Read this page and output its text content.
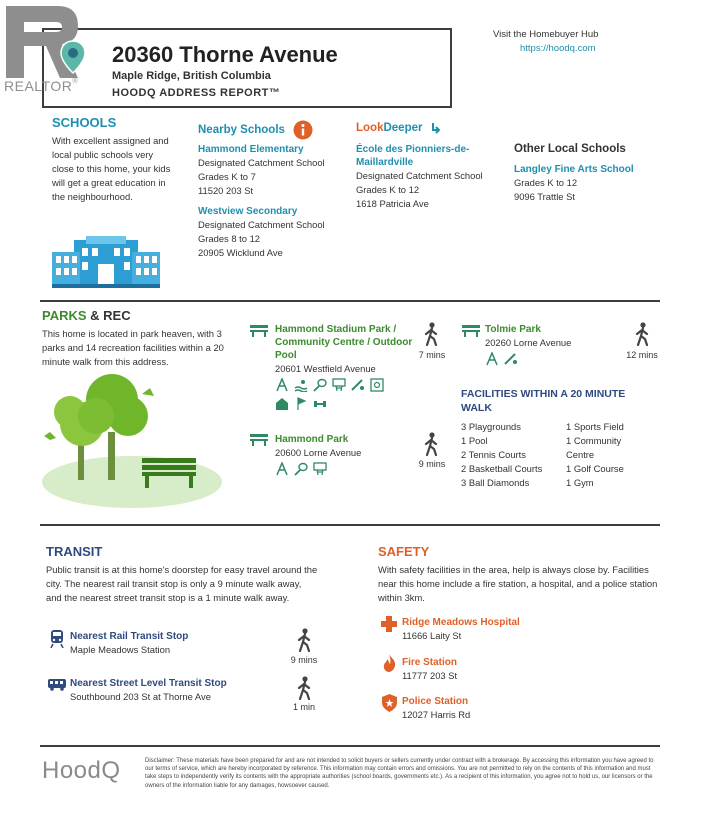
20360 Thorne Avenue
Maple Ridge, British Columbia
HOODQ ADDRESS REPORT™
REALTOR®
Visit the Homebuyer Hub
https://hoodq.com
SCHOOLS
With excellent assigned and local public schools very close to this home, your kids will get a great education in the neighbourhood.
Nearby Schools	LookDeeper
Other Local Schools
Hammond Elementary
Designated Catchment School
Grades K to 7
11520 203 St
Westview Secondary
Designated Catchment School
Grades 8 to 12
20905 Wicklund Ave
École des Pionniers-de-Maillardville
Designated Catchment School
Grades K to 12
1618 Patricia Ave
Langley Fine Arts School
Grades K to 12
9096 Trattle St
PARKS & REC
This home is located in park heaven, with 3 parks and 14 recreation facilities within a 20 minute walk from this address.
Hammond Stadium Park / Community Centre / Outdoor Pool
20601 Westfield Avenue
7 mins
Hammond Park
20600 Lorne Avenue
9 mins
Tolmie Park
20260 Lorne Avenue
12 mins
FACILITIES WITHIN A 20 MINUTE WALK
3 Playgrounds
1 Pool
2 Tennis Courts
2 Basketball Courts
3 Ball Diamonds
1 Sports Field
1 Community Centre
1 Golf Course
1 Gym
TRANSIT
Public transit is at this home's doorstep for easy travel around the city. The nearest rail transit stop is only a 9 minute walk away, and the nearest street transit stop is a 1 minute walk away.
Nearest Rail Transit Stop
Maple Meadows Station
9 mins
Nearest Street Level Transit Stop
Southbound 203 St at Thorne Ave
1 min
SAFETY
With safety facilities in the area, help is always close by. Facilities near this home include a fire station, a hospital, and a police station within 3km.
Ridge Meadows Hospital
11666 Laity St
Fire Station
11777 203 St
Police Station
12027 Harris Rd
HoodQ	Disclaimer: These materials have been prepared for and are not intended to solicit buyers or sellers currently under contract with a brokerage. By accessing this information you have agreed to our terms of service, which are hereby incorporated by reference. This information may contain errors and omissions. You are not permitted to rely on the contents of this information and must take steps to independently verify its contents with the appropriate authorities (school boards, governments etc.). As a recipient of this information, you agree not to hold us, our licensors or the owners of the information liable for any damages, howsoever caused.
